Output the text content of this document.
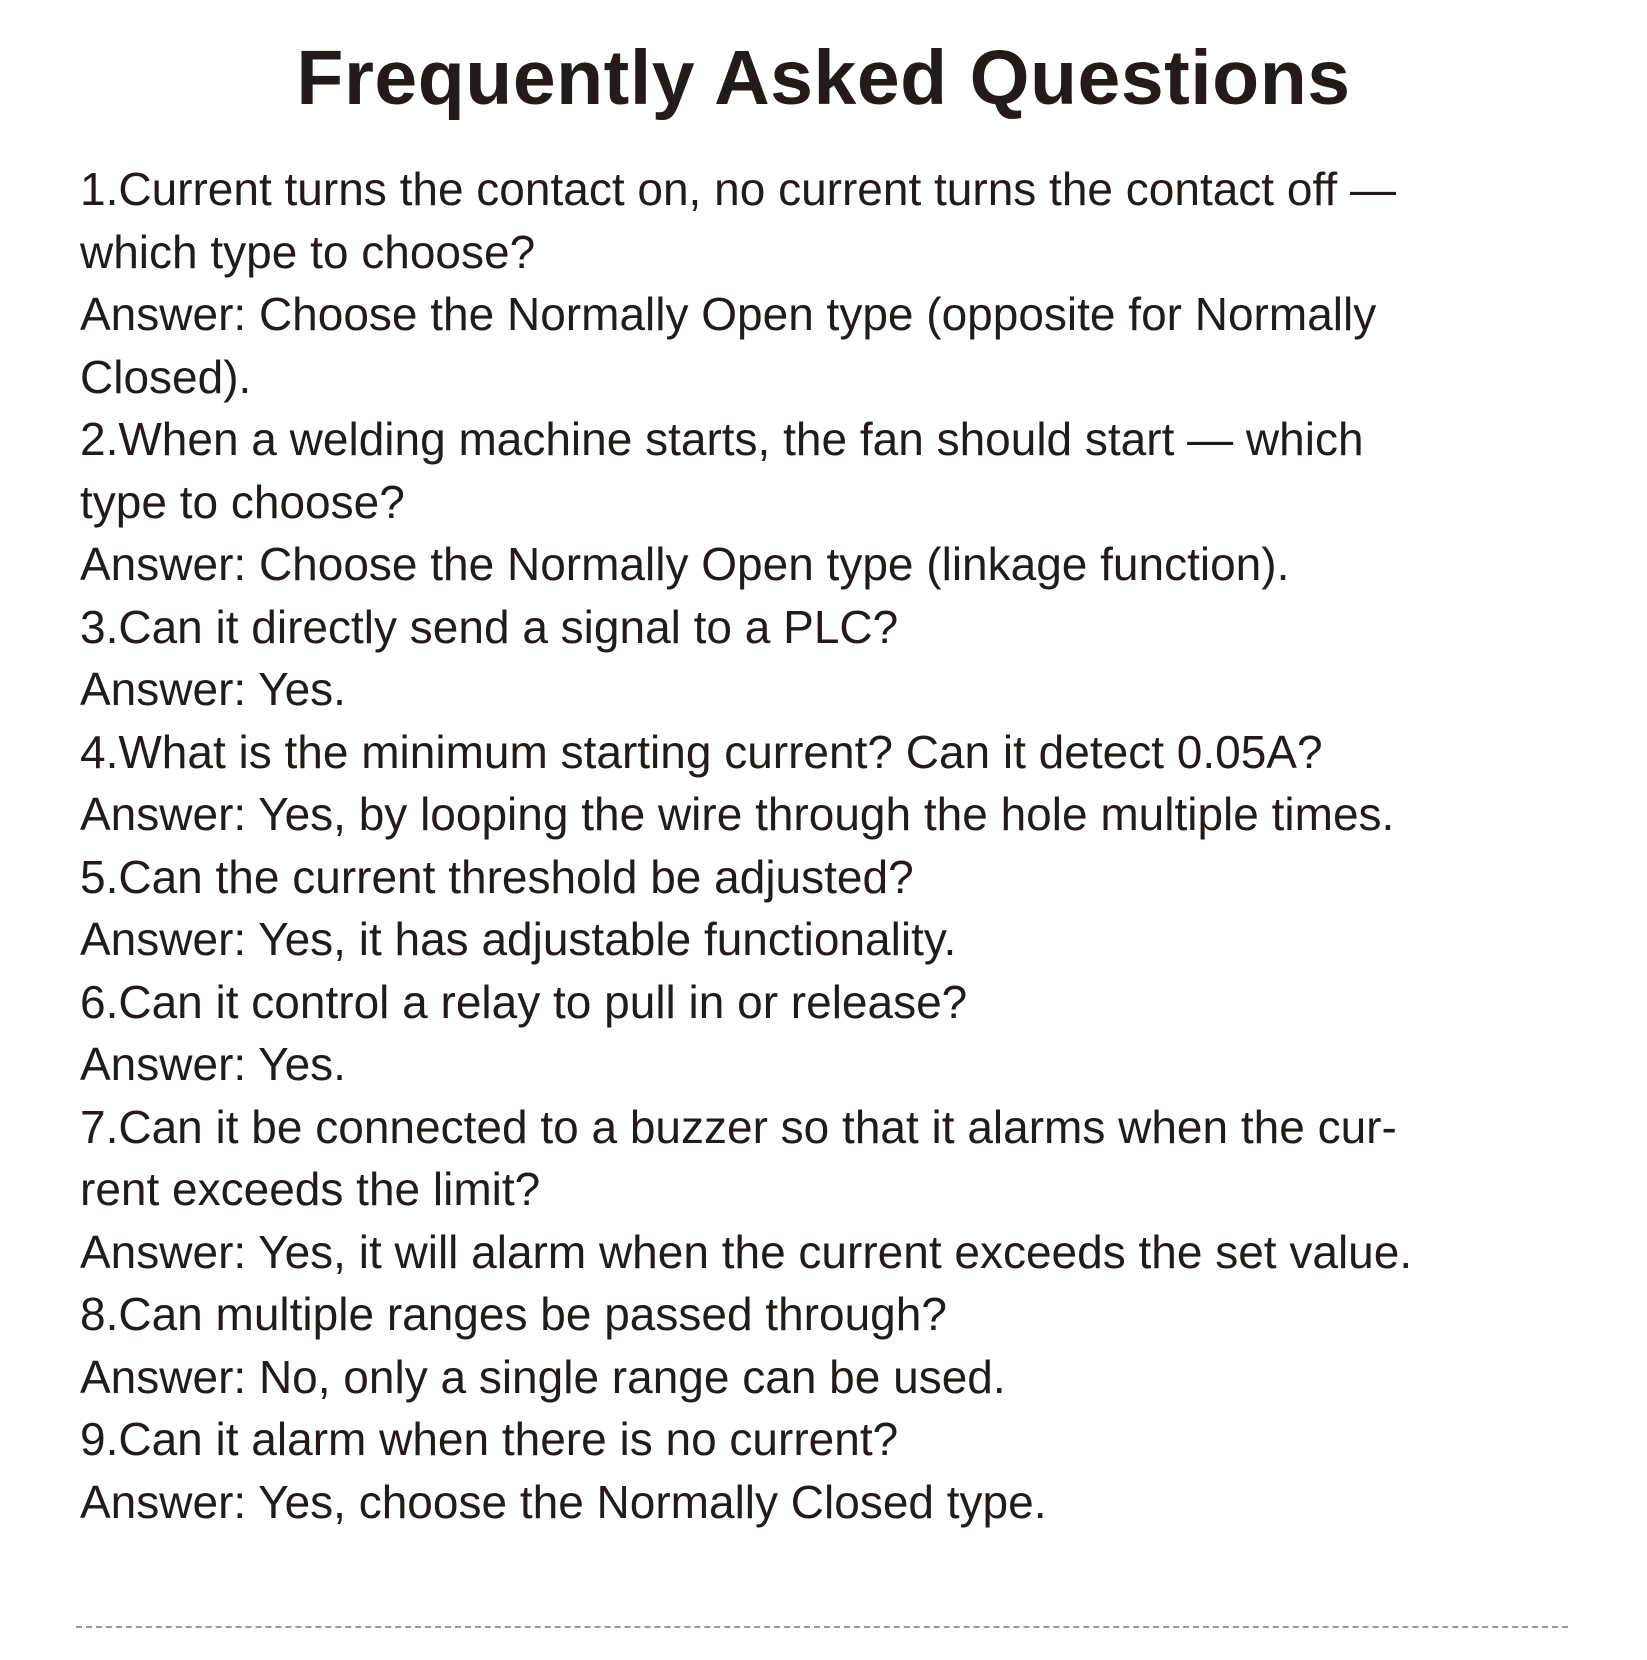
Frequently Asked Questions

1.Current turns the contact on, no current turns the contact off —

which type to choose?

Answer: Choose the Normally Open type (opposite for Normally

Closed).

2.When a welding machine starts, the fan should start — which

type to choose?

Answer: Choose the Normally Open type (linkage function).

3.Can it directly send a signal to a PLC?

Answer: Yes.

4.What is the minimum starting current? Can it detect 0.05A?

Answer: Yes, by looping the wire through the hole multiple times.

5.Can the current threshold be adjusted?

Answer: Yes, it has adjustable functionality.

6.Can it control a relay to pull in or release?

Answer: Yes.

7.Can it be connected to a buzzer so that it alarms when the cur-

rent exceeds the limit?

Answer: Yes, it will alarm when the current exceeds the set value.

8.Can multiple ranges be passed through?

Answer: No, only a single range can be used.

9.Can it alarm when there is no current?

Answer: Yes, choose the Normally Closed type.
